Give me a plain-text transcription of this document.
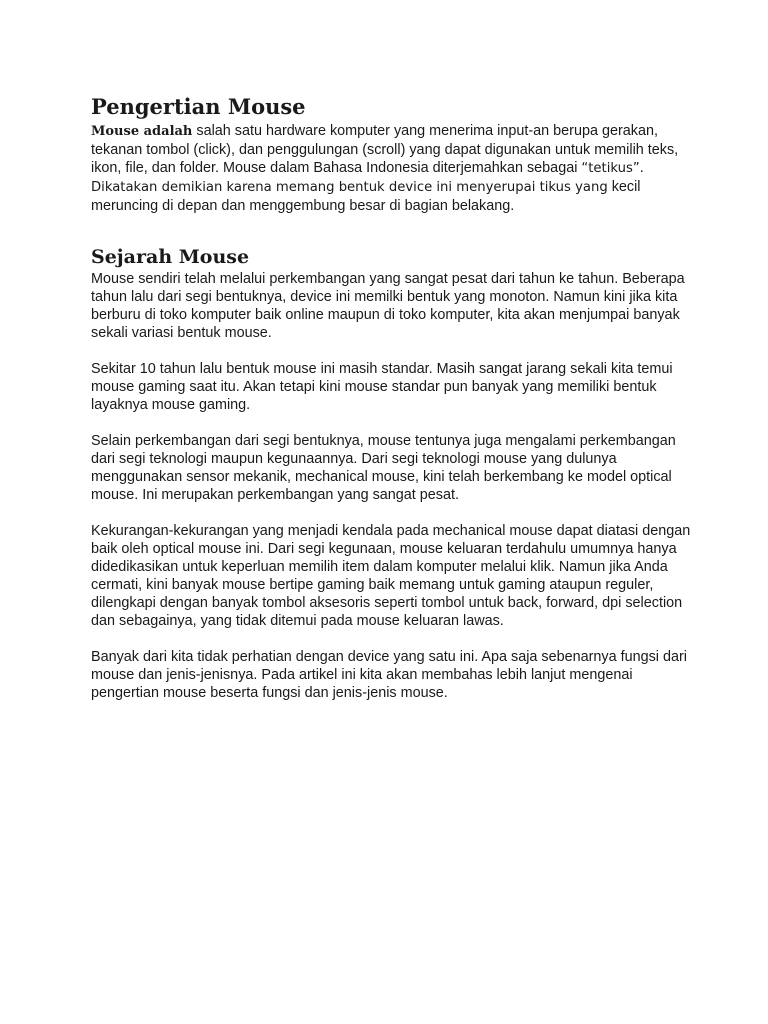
Pengertian Mouse

Mouse adalah salah satu hardware komputer yang menerima input-an berupa gerakan, tekanan tombol (click), dan penggulungan (scroll) yang dapat digunakan untuk memilih teks, ikon, file, dan folder. Mouse dalam Bahasa Indonesia diterjemahkan sebagai “tetikus”. Dikatakan demikian karena memang bentuk device ini menyerupai tikus yang kecil meruncing di depan dan menggembung besar di bagian belakang.

Sejarah Mouse

Mouse sendiri telah melalui perkembangan yang sangat pesat dari tahun ke tahun. Beberapa tahun lalu dari segi bentuknya, device ini memilki bentuk yang monoton. Namun kini jika kita berburu di toko komputer baik online maupun di toko komputer, kita akan menjumpai banyak sekali variasi bentuk mouse.

Sekitar 10 tahun lalu bentuk mouse ini masih standar. Masih sangat jarang sekali kita temui mouse gaming saat itu. Akan tetapi kini mouse standar pun banyak yang memiliki bentuk layaknya mouse gaming.

Selain perkembangan dari segi bentuknya, mouse tentunya juga mengalami perkembangan dari segi teknologi maupun kegunaannya. Dari segi teknologi mouse yang dulunya menggunakan sensor mekanik, mechanical mouse, kini telah berkembang ke model optical mouse. Ini merupakan perkembangan yang sangat pesat.

Kekurangan-kekurangan yang menjadi kendala pada mechanical mouse dapat diatasi dengan baik oleh optical mouse ini. Dari segi kegunaan, mouse keluaran terdahulu umumnya hanya didedikasikan untuk keperluan memilih item dalam komputer melalui klik. Namun jika Anda cermati, kini banyak mouse bertipe gaming baik memang untuk gaming ataupun reguler, dilengkapi dengan banyak tombol aksesoris seperti tombol untuk back, forward, dpi selection dan sebagainya, yang tidak ditemui pada mouse keluaran lawas.

Banyak dari kita tidak perhatian dengan device yang satu ini. Apa saja sebenarnya fungsi dari mouse dan jenis-jenisnya. Pada artikel ini kita akan membahas lebih lanjut mengenai pengertian mouse beserta fungsi dan jenis-jenis mouse.
